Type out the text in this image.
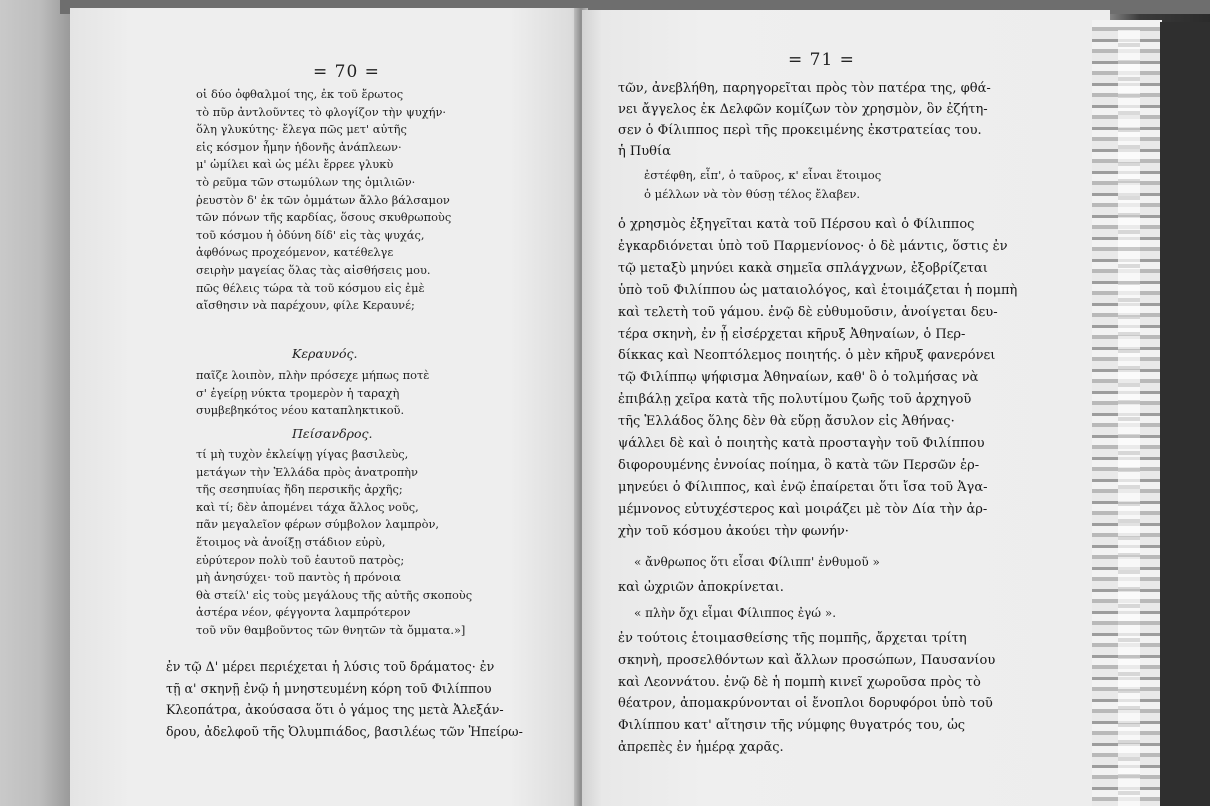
= 70 =
οἱ δύο ὀφθαλμοί της, ἐκ τοῦ ἔρωτος
τὸ πῦρ ἀντλοῦντες τὸ φλογίζον τὴν ψυχήν·
ὅλη γλυκύτης· ἔλεγα πῶς μετ' αὐτῆς
εἰς κόσμον ἦμην ἡδονῆς ἀνάπλεων·
μ' ὡμίλει καὶ ὡς μέλι ἔρρεε γλυκὺ
τὸ ρεῦμα τῶν στωμύλων της ὁμιλιῶν·
ῥευστὸν δ' ἐκ τῶν ὀμμάτων ἄλλο βάλσαμον
τῶν πόνων τῆς καρδίας, ὅσους σκυθρωποὺς
τοῦ κόσμου ἡ ὀδύνη δίδ' εἰς τὰς ψυχάς,
ἀφθόνως προχεόμενον, κατέθελγε
σειρὴν μαγείας ὅλας τὰς αἰσθήσεις μου.
πῶς θέλεις τώρα τὰ τοῦ κόσμου εἰς ἐμὲ
αἴσθησιν νὰ παρέχουν, φίλε Κεραυνέ;
Κεραυνός.
παῖζε λοιπὸν, πλὴν πρόσεχε μήπως ποτὲ
σ' ἐγείρῃ νύκτα τρομερὸν ἡ ταραχὴ
συμβεβηκότος νέου καταπληκτικοῦ.
Πείσανδρος.
τί μὴ τυχὸν ἐκλείψῃ γίγας βασιλεὺς,
μετάγων τὴν Ἑλλάδα πρὸς ἀνατροπὴν
τῆς σεσηπυίας ἤδη περσικῆς ἀρχῆς;
καὶ τί; δὲν ἀπομένει τάχα ἄλλος νοῦς,
πᾶν μεγαλεῖον φέρων σύμβολον λαμπρὸν,
ἕτοιμος νὰ ἀνοίξῃ στάδιον εὐρὺ,
εὐρύτερον πολὺ τοῦ ἑαυτοῦ πατρὸς;
μὴ ἀνησύχει· τοῦ παντὸς ἡ πρόνοια
θὰ στείλ' εἰς τοὺς μεγάλους τῆς αὐτῆς σκοποὺς
ἀστέρα νέον, φέγγοντα λαμπρότερον
τοῦ νῦν θαμβοῦντος τῶν θνητῶν τὰ ὄμματα.»]
ἐν τῷ Δ' μέρει περιέχεται ἡ λύσις τοῦ δράματος· ἐν
τῇ α' σκηνῇ ἐνῷ ἡ μνηστευμένη κόρη τοῦ Φιλίππου
Κλεοπάτρα, ἀκούσασα ὅτι ὁ γάμος της μετὰ Ἀλεξάν-
δρου, ἀδελφοῦ τῆς Ὀλυμπιάδος, βασιλέως τῶν Ἠπείρω-
= 71 =
τῶν, ἀνεβλήθη, παρηγορεῖται πρὸς τὸν πατέρα της, φθά-
νει ἄγγελος ἐκ Δελφῶν κομίζων τὸν χρησμὸν, ὃν ἐζήτη-
σεν ὁ Φίλιππος περὶ τῆς προκειμένης ἐκστρατείας του.
ἡ Πυθία
ἐστέφθη, εἶπ', ὁ ταῦρος, κ' εἶναι ἕτοιμος
ὁ μέλλων νὰ τὸν θύσῃ τέλος ἔλαβεν.
ὁ χρησμὸς ἐξηγεῖται κατὰ τοῦ Πέρσου καὶ ὁ Φίλιππος
ἐγκαρδιόνεται ὑπὸ τοῦ Παρμενίονος· ὁ δὲ μάντις, ὅστις ἐν
τῷ μεταξὺ μηνύει κακὰ σημεῖα σπλάγχνων, ἐξοβρίζεται
ὑπὸ τοῦ Φιλίππου ὡς ματαιολόγος, καὶ ἑτοιμάζεται ἡ πομπὴ
καὶ τελετὴ τοῦ γάμου. ἐνῷ δὲ εὐθυμοῦσιν, ἀνοίγεται δευ-
τέρα σκηνὴ, ἐν ᾗ εἰσέρχεται κῆρυξ Ἀθηναίων, ὁ Περ-
δίκκας καὶ Νεοπτόλεμος ποιητής. ὁ μὲν κῆρυξ φανερόνει
τῷ Φιλίππῳ ψήφισμα Ἀθηναίων, καθ' ὃ ὁ τολμήσας νὰ
ἐπιβάλῃ χεῖρα κατὰ τῆς πολυτίμου ζωῆς τοῦ ἀρχηγοῦ
τῆς Ἑλλάδος ὅλης δὲν θὰ εὕρῃ ἄσυλον εἰς Ἀθήνας·
ψάλλει δὲ καὶ ὁ ποιητὴς κατὰ προσταγὴν τοῦ Φιλίππου
διφορουμένης ἐννοίας ποίημα, ὃ κατὰ τῶν Περσῶν ἑρ-
μηνεύει ὁ Φίλιππος, καὶ ἐνῷ ἐπαίρεται ὅτι ἴσα τοῦ Ἀγα-
μέμνονος εὐτυχέστερος καὶ μοιράζει μὲ τὸν Δία τὴν ἀρ-
χὴν τοῦ κόσμου ἀκούει τὴν φωνήν·
« ἄνθρωπος ὅτι εἶσαι Φίλιππ' ἐνθυμοῦ »
καὶ ὠχριῶν ἀποκρίνεται.
« πλὴν ὄχι εἶμαι Φίλιππος ἐγώ ».
ἐν τούτοις ἑτοιμασθείσης τῆς πομπῆς, ἄρχεται τρίτη
σκηνὴ, προσελθόντων καὶ ἄλλων προσώπων, Παυσανίου
καὶ Λεοννάτου. ἐνῷ δὲ ἡ πομπὴ κινεῖ χωροῦσα πρὸς τὸ
θέατρον, ἀπομακρύνονται οἱ ἔνοπλοι δορυφόροι ὑπὸ τοῦ
Φιλίππου κατ' αἴτησιν τῆς νύμφης θυγατρός του, ὡς
ἀπρεπὲς ἐν ἡμέρᾳ χαρᾶς.
